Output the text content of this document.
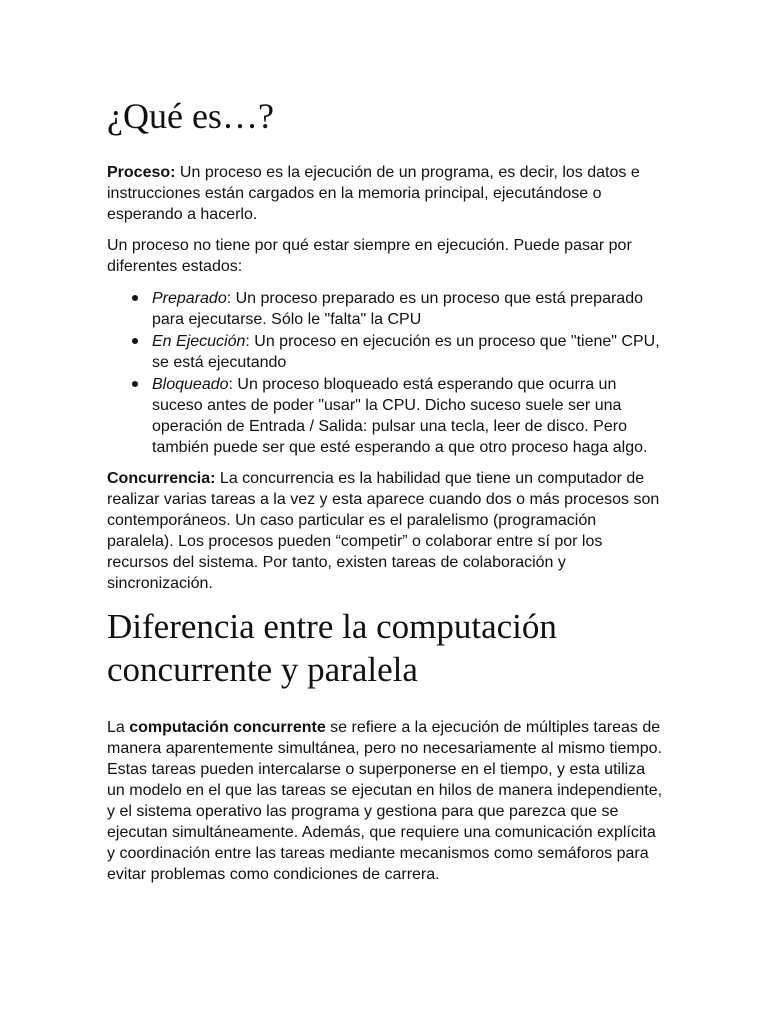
¿Qué es…?

Proceso: Un proceso es la ejecución de un programa, es decir, los datos e instrucciones están cargados en la memoria principal, ejecutándose o esperando a hacerlo.

Un proceso no tiene por qué estar siempre en ejecución. Puede pasar por diferentes estados:

Preparado: Un proceso preparado es un proceso que está preparado para ejecutarse. Sólo le "falta" la CPU
En Ejecución: Un proceso en ejecución es un proceso que "tiene" CPU, se está ejecutando
Bloqueado: Un proceso bloqueado está esperando que ocurra un suceso antes de poder "usar" la CPU. Dicho suceso suele ser una operación de Entrada / Salida: pulsar una tecla, leer de disco. Pero también puede ser que esté esperando a que otro proceso haga algo.

Concurrencia: La concurrencia es la habilidad que tiene un computador de realizar varias tareas a la vez y esta aparece cuando dos o más procesos son contemporáneos. Un caso particular es el paralelismo (programación paralela). Los procesos pueden “competir” o colaborar entre sí por los recursos del sistema. Por tanto, existen tareas de colaboración y sincronización.

Diferencia entre la computación concurrente y paralela

La computación concurrente se refiere a la ejecución de múltiples tareas de manera aparentemente simultánea, pero no necesariamente al mismo tiempo. Estas tareas pueden intercalarse o superponerse en el tiempo, y esta utiliza un modelo en el que las tareas se ejecutan en hilos de manera independiente, y el sistema operativo las programa y gestiona para que parezca que se ejecutan simultáneamente. Además, que requiere una comunicación explícita y coordinación entre las tareas mediante mecanismos como semáforos para evitar problemas como condiciones de carrera.
